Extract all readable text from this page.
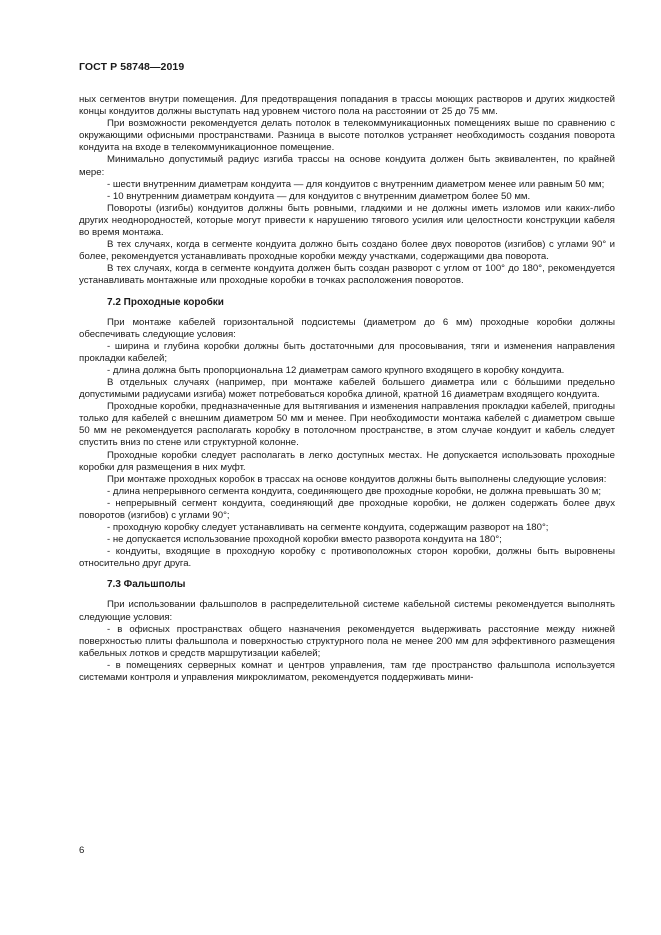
ГОСТ Р 58748—2019

ных сегментов внутри помещения. Для предотвращения попадания в трассы моющих растворов и других жидкостей концы кондуитов должны выступать над уровнем чистого пола на расстоянии от 25 до 75 мм.

При возможности рекомендуется делать потолок в телекоммуникационных помещениях выше по сравнению с окружающими офисными пространствами. Разница в высоте потолков устраняет необходимость создания поворота кондуита на входе в телекоммуникационное помещение.

Минимально допустимый радиус изгиба трассы на основе кондуита должен быть эквивалентен, по крайней мере:

- шести внутренним диаметрам кондуита — для кондуитов с внутренним диаметром менее или равным 50 мм;

- 10 внутренним диаметрам кондуита — для кондуитов с внутренним диаметром более 50 мм.

Повороты (изгибы) кондуитов должны быть ровными, гладкими и не должны иметь изломов или каких-либо других неоднородностей, которые могут привести к нарушению тягового усилия или целостности конструкции кабеля во время монтажа.

В тех случаях, когда в сегменте кондуита должно быть создано более двух поворотов (изгибов) с углами 90° и более, рекомендуется устанавливать проходные коробки между участками, содержащими два поворота.

В тех случаях, когда в сегменте кондуита должен быть создан разворот с углом от 100° до 180°, рекомендуется устанавливать монтажные или проходные коробки в точках расположения поворотов.

7.2 Проходные коробки

При монтаже кабелей горизонтальной подсистемы (диаметром до 6 мм) проходные коробки должны обеспечивать следующие условия:

- ширина и глубина коробки должны быть достаточными для просовывания, тяги и изменения направления прокладки кабелей;

- длина должна быть пропорциональна 12 диаметрам самого крупного входящего в коробку кондуита.

В отдельных случаях (например, при монтаже кабелей большего диаметра или с бóльшими предельно допустимыми радиусами изгиба) может потребоваться коробка длиной, кратной 16 диаметрам входящего кондуита.

Проходные коробки, предназначенные для вытягивания и изменения направления прокладки кабелей, пригодны только для кабелей с внешним диаметром 50 мм и менее. При необходимости монтажа кабелей с диаметром свыше 50 мм не рекомендуется располагать коробку в потолочном пространстве, в этом случае кондуит и кабель следует спустить вниз по стене или структурной колонне.

Проходные коробки следует располагать в легко доступных местах. Не допускается использовать проходные коробки для размещения в них муфт.

При монтаже проходных коробок в трассах на основе кондуитов должны быть выполнены следующие условия:

- длина непрерывного сегмента кондуита, соединяющего две проходные коробки, не должна превышать 30 м;

- непрерывный сегмент кондуита, соединяющий две проходные коробки, не должен содержать более двух поворотов (изгибов) с углами 90°;

- проходную коробку следует устанавливать на сегменте кондуита, содержащим разворот на 180°;

- не допускается использование проходной коробки вместо разворота кондуита на 180°;

- кондуиты, входящие в проходную коробку с противоположных сторон коробки, должны быть выровнены относительно друг друга.

7.3 Фальшполы

При использовании фальшполов в распределительной системе кабельной системы рекомендуется выполнять следующие условия:

- в офисных пространствах общего назначения рекомендуется выдерживать расстояние между нижней поверхностью плиты фальшпола и поверхностью структурного пола не менее 200 мм для эффективного размещения кабельных лотков и средств маршрутизации кабелей;

- в помещениях серверных комнат и центров управления, там где пространство фальшпола используется системами контроля и управления микроклиматом, рекомендуется поддерживать мини-

6
